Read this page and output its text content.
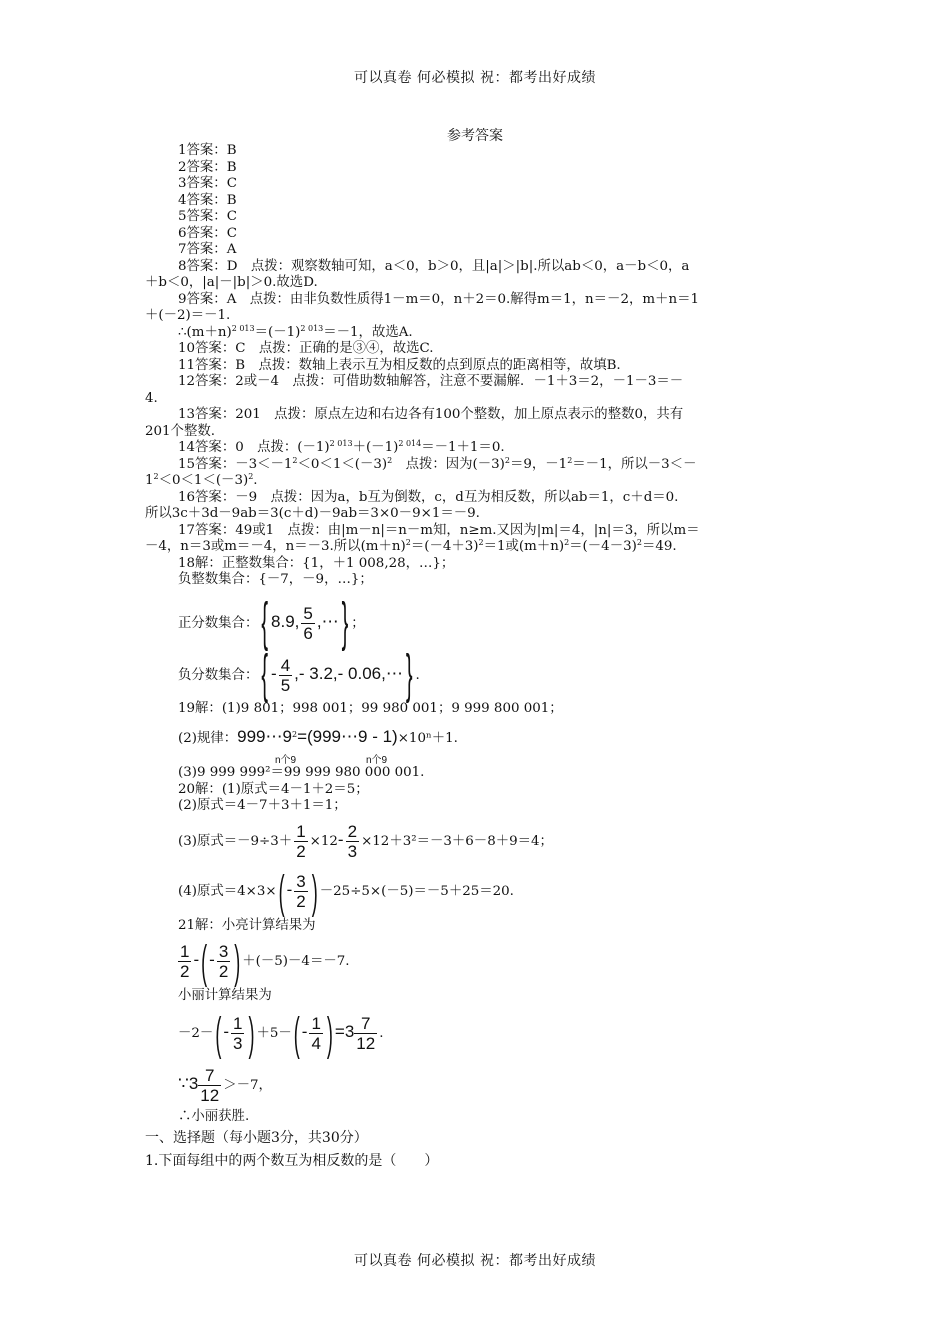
可以真卷 何必模拟 祝：都考出好成绩
参考答案
1答案：B
2答案：B
3答案：C
4答案：B
5答案：C
6答案：C
7答案：A
8答案：D　点拨：观察数轴可知，a＜0，b＞0，且|a|＞|b|.所以ab＜0，a－b＜0，a
＋b＜0，|a|－|b|＞0.故选D.
9答案：A　点拨：由非负数性质得1－m＝0，n＋2＝0.解得m＝1，n＝－2，m＋n＝1
＋(－2)＝－1.
$\therefore(m+n)^{2 013}=(-1)^{2 013}=-1$，故选A.
10答案：C　点拨：正确的是③④，故选C.
11答案：B　点拨：数轴上表示互为相反数的点到原点的距离相等，故填B.
12答案：2或－4　点拨：可借助数轴解答，注意不要漏解．－1＋3＝2，－1－3＝－
4.
13答案：201　点拨：原点左边和右边各有100个整数，加上原点表示的整数0，共有
201个整数.
14答案：0　点拨：$(-1)^{2 013}+(-1)^{2 014}=-1+1=0$.
15答案：$-3<-1^2<0<1<(-3)^2$　点拨：因为$(-3)^2=9$，$-1^2=-1$，所以－3＜－
$1^2<0<1<(-3)^2$.
16答案：－9　点拨：因为a，b互为倒数，c，d互为相反数，所以ab＝1，c＋d＝0.
所以3c＋3d－9ab＝3(c＋d)－9ab＝3×0－9×1＝－9.
17答案：49或1　点拨：由|m－n|＝n－m知，n≥m.又因为|m|＝4，|n|＝3，所以m＝
－4，n＝3或m＝－4，n＝－3.所以$(m+n)^2=(-4+3)^2=1$或$(m+n)^2=(-4-3)^2=49$.
18解：正整数集合：{1，＋1 008,28，…}；
负整数集合：{－7，－9，…}；
正分数集合： { 8.9, $\frac{5}{6}$ ,⋯ } ；
负分数集合： { - $\frac{4}{5}$ ,- 3.2,- 0.06,⋯ } .
19解：(1)9 801；998 001；99 980 001；9 999 800 001；
(2)规律：$999\cdots 9^2=(999\cdots 9 - 1)\times 10^n+1$.
n个9	n个9
(3)9 999 999²＝99 999 980 000 001.
20解：(1)原式＝4－1＋2＝5；
(2)原式＝4－7＋3＋1＝1；
(3)原式$=-9\div 3+ \frac{1}{2} \times 12- \frac{2}{3} \times 12+3^2=-3+6-8+9=4$；
(4)原式＝4×3× ( - $\frac{3}{2}$ ) －25÷5×(－5)＝－5＋25＝20.
21解：小亮计算结果为
$\frac{1}{2}$ - ( - $\frac{3}{2}$ ) ＋(－5)－4＝－7.
小丽计算结果为
－2－ ( - $\frac{1}{3}$ ) ＋5－ ( - $\frac{1}{4}$ ) $=3 \frac{7}{12}$ .
∵3 $\frac{7}{12} >-7$，
∴小丽获胜.
一、选择题（每小题3分，共30分）
1.下面每组中的两个数互为相反数的是（　　）
可以真卷 何必模拟 祝：都考出好成绩
